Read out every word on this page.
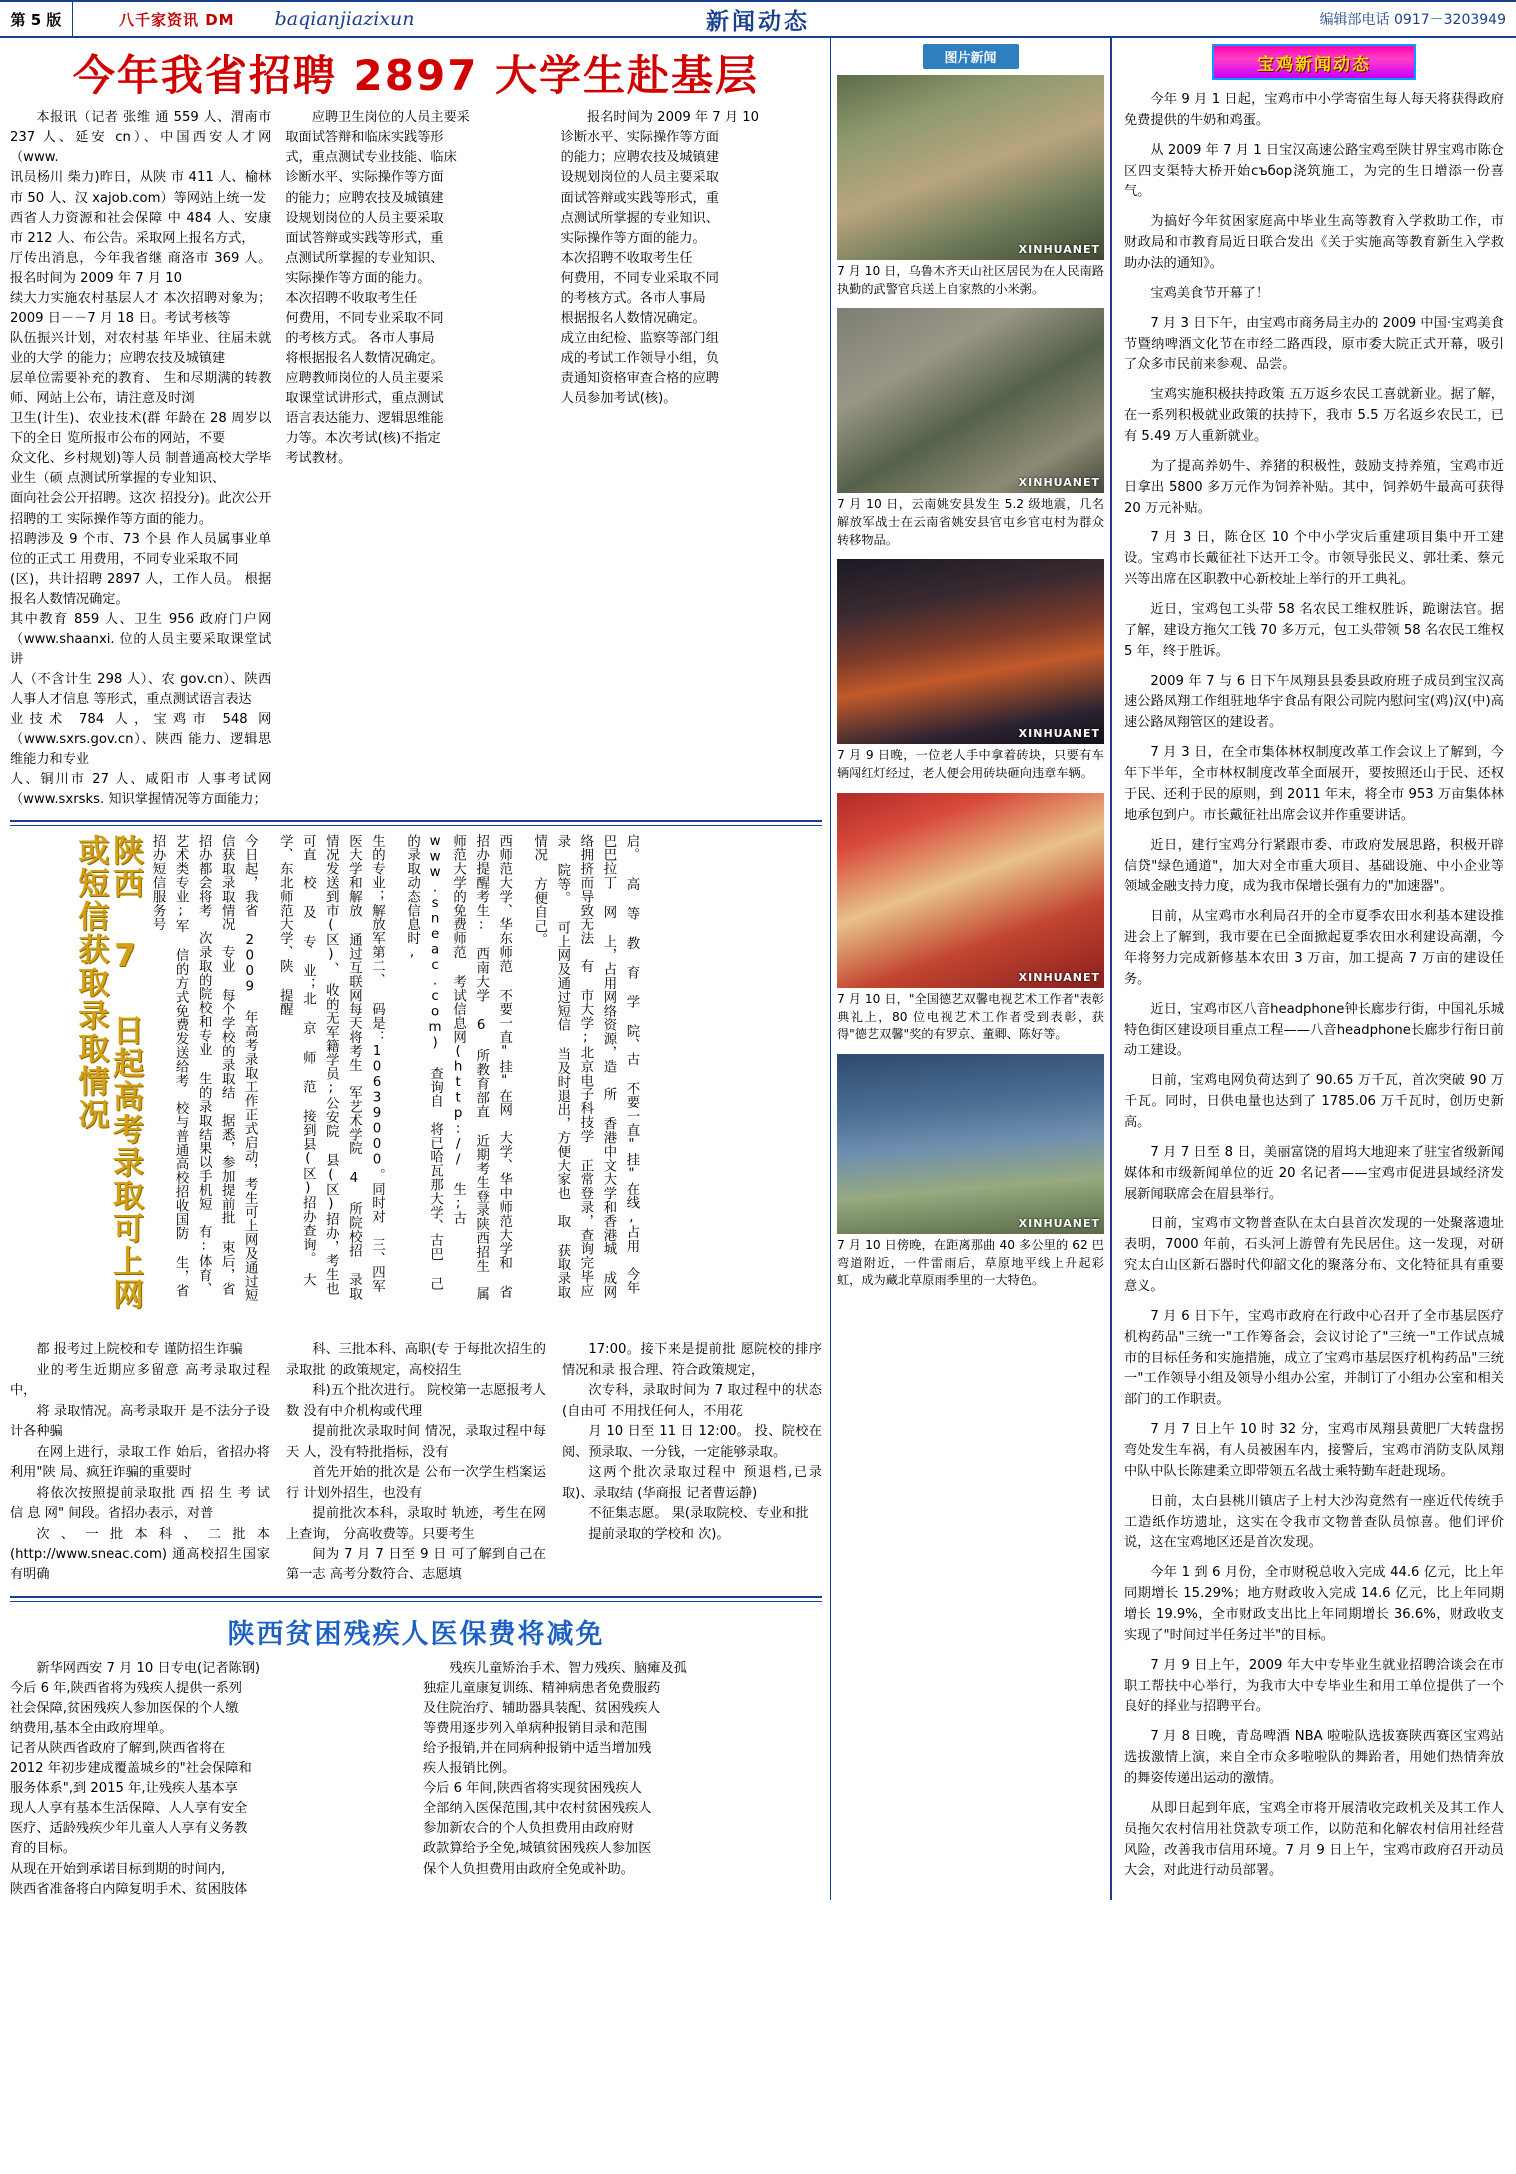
第 5 版	八千家资讯 DM baqianjiazixun	新闻动态	编辑部电话 0917－3203949
今年我省招聘 2897 大学生赴基层

本报讯（记者 张维 通 559 人、渭南市 237 人、延安 cn）、中国西安人才网（www.

讯员杨川 柴力)昨日，从陕 市 411 人、榆林市 50 人、汉 xajob.com）等网站上统一发

西省人力资源和社会保障 中 484 人、安康市 212 人、布公告。采取网上报名方式，

厅传出消息，今年我省继 商洛市 369 人。 报名时间为 2009 年 7 月 10

续大力实施农村基层人才 本次招聘对象为；2009 日－－7 月 18 日。考试考核等

队伍振兴计划，对农村基 年毕业、往届未就业的大学 的能力；应聘农技及城镇建

层单位需要补充的教育、 生和尽期满的转教师、网站上公布，请注意及时浏

卫生(计生)、农业技术(群 年龄在 28 周岁以下的全日 览所报市公布的网站，不要

众文化、乡村规划)等人员 制普通高校大学毕业生（硕 点测试所掌握的专业知识、

面向社会公开招聘。这次 招投分)。此次公开招聘的工 实际操作等方面的能力。

招聘涉及 9 个市、73 个县 作人员属事业单位的正式工 用费用，不同专业采取不同

(区)，共计招聘 2897 人，工作人员。 根据报名人数情况确定。

其中教育 859 人、卫生 956 政府门户网（www.shaanxi. 位的人员主要采取课堂试讲

人（不含计生 298 人）、农 gov.cn）、陕西人事人才信息 等形式，重点测试语言表达

业技术 784 人，宝鸡市 548 网（www.sxrs.gov.cn）、陕西 能力、逻辑思维能力和专业

人、铜川市 27 人、咸阳市 人事考试网（www.sxrsks. 知识掌握情况等方面能力；

应聘卫生岗位的人员主要采

取面试答辩和临床实践等形

式，重点测试专业技能、临床

诊断水平、实际操作等方面

的能力；应聘农技及城镇建

设规划岗位的人员主要采取

面试答辩或实践等形式，重

点测试所掌握的专业知识、

实际操作等方面的能力。

本次招聘不收取考生任

何费用，不同专业采取不同

的考核方式。 各市人事局

将根据报名人数情况确定。

应聘教师岗位的人员主要采

取课堂试讲形式，重点测试

语言表达能力、逻辑思维能

力等。本次考试(核)不指定

考试教材。

报名时间为 2009 年 7 月 10

诊断水平、实际操作等方面

的能力；应聘农技及城镇建

设规划岗位的人员主要采取

面试答辩或实践等形式，重

点测试所掌握的专业知识、

实际操作等方面的能力。

本次招聘不收取考生任

何费用，不同专业采取不同

的考核方式。各市人事局

根据报名人数情况确定。

成立由纪检、监察等部门组

成的考试工作领导小组，负

责通知资格审查合格的应聘

人员参加考试(核)。

陕西 7 日起高考录取可上网或短信获取录取情况	今日起，我省 2009 年高考录取工作正式启动，考生可上网及通过短信获取录取情况　专业 每个学校的录取结　据悉，参加提前批 束后，省招办都会将考　次录取的院校和专业 生的录取结果以手机短　有:体育、艺术类专业;军 信的方式免费发送给考　校与普通高校招收国防 生，省招办短信服务号	生的专业；解放军第二、 码是：10639000。同时对　三、四军医大学和解放 通过互联网每天将考生　军艺术学院 4 所院校招 录取情况发送到市(区)、　收的无军籍学员;公安院 县(区)招办，考生也可直　校 及 专 业；北 京 师 范 接到县(区)招办查询。　大学、东北师范大学、陕 提醒	西师范大学、华东师范 不要一直"挂"在网　大学、华中师范大学和 省招办提醒考生:　西南大学 6 所教育部直 近期考生登录陕西招生　属师范大学的免费师范 考试信息网(http://　生;古 www.sneac.com) 查询自　将已哈瓦那大学、古巴 己的录取动态信息时,	启。 高 等 教 育 学 院、古 不要一直"挂"在线,占用　今年 巴巴拉丁 网 上，占用网络资源，造　所 香港中文大学和香港城 成网络拥挤而导致无法　有 市大学;北京电子科技学 正常登录，查询完毕应　录 院等。 可上网及通过短信 当及时退出，方便大家也　取 获取录取情况 方便自己。

都 报考过上院校和专 谨防招生诈骗

业的考生近期应多留意 高考录取过程中，

将 录取情况。高考录取开 是不法分子设计各种骗

在网上进行，录取工作 始后，省招办将利用"陕 局、疯狂诈骗的重要时

将依次按照提前录取批 西 招 生 考 试 信 息 网" 间段。省招办表示，对普

次、一批本科、二批本 (http://www.sneac.com) 通高校招生国家有明确

科、三批本科、高职(专 于每批次招生的录取批 的政策规定，高校招生

科)五个批次进行。 院校第一志愿报考人数 没有中介机构或代理

提前批次录取时间 情况，录取过程中每天 人，没有特批指标，没有

首先开始的批次是 公布一次学生档案运行 计划外招生，也没有

提前批次本科，录取时 轨迹，考生在网上查询， 分高收费等。只要考生

间为 7 月 7 日至 9 日 可了解到自己在第一志 高考分数符合、志愿填

17:00。接下来是提前批 愿院校的排序情况和录 报合理、符合政策规定，

次专科，录取时间为 7 取过程中的状态(自由可 不用找任何人，不用花

月 10 日至 11 日 12:00。 投、院校在阅、预录取、一分钱，一定能够录取。

这两个批次录取过程中 预退档,已录取)、录取结 (华商报 记者曹运静)

不征集志愿。 果(录取院校、专业和批

提前录取的学校和 次)。

陕西贫困残疾人医保费将减免

新华网西安 7 月 10 日专电(记者陈钢)

今后 6 年,陕西省将为残疾人提供一系列

社会保障,贫困残疾人参加医保的个人缴

纳费用,基本全由政府埋单。

记者从陕西省政府了解到,陕西省将在

2012 年初步建成覆盖城乡的"社会保障和

服务体系",到 2015 年,让残疾人基本享

现人人享有基本生活保障、人人享有安全

医疗、适龄残疾少年儿童人人享有义务教

育的目标。

从现在开始到承诺目标到期的时间内,

陕西省准备将白内障复明手术、贫困肢体

残疾儿童矫治手术、智力残疾、脑瘫及孤

独症儿童康复训练、精神病患者免费服药

及住院治疗、辅助器具装配、贫困残疾人

等费用逐步列入单病种报销目录和范围

给予报销,并在同病种报销中适当增加残

疾人报销比例。

今后 6 年间,陕西省将实现贫困残疾人

全部纳入医保范围,其中农村贫困残疾人

参加新农合的个人负担费用由政府财

政款算给予全免,城镇贫困残疾人参加医

保个人负担费用由政府全免或补助。

图片新闻
XINHUANET
7 月 10 日，乌鲁木齐天山社区居民为在人民南路执勤的武警官兵送上自家熬的小米粥。
XINHUANET
7 月 10 日，云南姚安县发生 5.2 级地震，几名解放军战士在云南省姚安县官屯乡官屯村为群众转移物品。
XINHUANET
7 月 9 日晚，一位老人手中拿着砖块，只要有车辆闯红灯经过，老人便会用砖块砸向违章车辆。
XINHUANET
7 月 10 日，"全国德艺双馨电视艺术工作者"表彰典礼上，80 位电视艺术工作者受到表彰，获得"德艺双馨"奖的有罗京、董卿、陈好等。
XINHUANET
7 月 10 日傍晚，在距离那曲 40 多公里的 62 巴弯道附近，一件雷雨后，草原地平线上升起彩虹，成为藏北草原雨季里的一大特色。
宝鸡新闻动态

今年 9 月 1 日起，宝鸡市中小学寄宿生每人每天将获得政府免费提供的牛奶和鸡蛋。

从 2009 年 7 月 1 日宝汉高速公路宝鸡至陕甘界宝鸡市陈仓区四支渠特大桥开始събор浇筑施工，为完的生日增添一份喜气。

为搞好今年贫困家庭高中毕业生高等教育入学救助工作，市财政局和市教育局近日联合发出《关于实施高等教育新生入学救助办法的通知》。

宝鸡美食节开幕了！

7 月 3 日下午，由宝鸡市商务局主办的 2009 中国·宝鸡美食节暨纳啤酒文化节在市经二路西段，原市委大院正式开幕，吸引了众多市民前来参观、品尝。

宝鸡实施积极扶持政策 五万返乡农民工喜就新业。据了解，在一系列积极就业政策的扶持下，我市 5.5 万名返乡农民工，已有 5.49 万人重新就业。

为了提高养奶牛、养猪的积极性，鼓励支持养殖，宝鸡市近日拿出 5800 多万元作为饲养补贴。其中，饲养奶牛最高可获得 20 万元补贴。

7 月 3 日，陈仓区 10 个中小学灾后重建项目集中开工建设。宝鸡市长戴征社下达开工令。市领导张民义、郭壮柔、蔡元兴等出席在区职教中心新校址上举行的开工典礼。

近日，宝鸡包工头带 58 名农民工维权胜诉，跪谢法官。据了解，建设方拖欠工钱 70 多万元，包工头带领 58 名农民工维权 5 年，终于胜诉。

2009 年 7 与 6 日下午凤翔县县委县政府班子成员到宝汉高速公路凤翔工作组驻地华宇食品有限公司院内慰问宝(鸡)汉(中)高速公路凤翔管区的建设者。

7 月 3 日，在全市集体林权制度改革工作会议上了解到，今年下半年，全市林权制度改革全面展开，要按照还山于民、还权于民、还利于民的原则，到 2011 年末，将全市 953 万亩集体林地承包到户。市长戴征社出席会议并作重要讲话。

近日，建行宝鸡分行紧跟市委、市政府发展思路，积极开辟信贷"绿色通道"，加大对全市重大项目、基础设施、中小企业等领域金融支持力度，成为我市保增长强有力的"加速器"。

日前，从宝鸡市水利局召开的全市夏季农田水利基本建设推进会上了解到，我市要在已全面掀起夏季农田水利建设高潮，今年将努力完成新修基本农田 3 万亩，加工提高 7 万亩的建设任务。

近日，宝鸡市区八音headphone钟长廊步行街，中国礼乐城特色街区建设项目重点工程——八音headphone长廊步行衔日前动工建设。

日前，宝鸡电网负荷达到了 90.65 万千瓦，首次突破 90 万千瓦。同时，日供电量也达到了 1785.06 万千瓦时，创历史新高。

7 月 7 日至 8 日，美丽富饶的眉坞大地迎来了驻宝省级新闻媒体和市级新闻单位的近 20 名记者——宝鸡市促进县域经济发展新闻联席会在眉县举行。

日前，宝鸡市文物普查队在太白县首次发现的一处聚落遗址表明，7000 年前，石头河上游曾有先民居住。这一发现，对研究太白山区新石器时代仰韶文化的聚落分布、文化特征具有重要意义。

7 月 6 日下午，宝鸡市政府在行政中心召开了全市基层医疗机构药品"三统一"工作筹备会，会议讨论了"三统一"工作试点城市的目标任务和实施措施，成立了宝鸡市基层医疗机构药品"三统一"工作领导小组及领导小组办公室，并制订了小组办公室和相关部门的工作职责。

7 月 7 日上午 10 时 32 分，宝鸡市凤翔县黄肥厂大转盘拐弯处发生车祸，有人员被困车内，接警后，宝鸡市消防支队凤翔中队中队长陈建柔立即带领五名战士乘特勤车赶赴现场。

日前，太白县桃川镇店子上村大沙沟竟然有一座近代传统手工造纸作坊遗址，这实在令我市文物普查队员惊喜。他们评价说，这在宝鸡地区还是首次发现。

今年 1 到 6 月份，全市财税总收入完成 44.6 亿元，比上年同期增长 15.29%；地方财政收入完成 14.6 亿元，比上年同期增长 19.9%，全市财政支出比上年同期增长 36.6%，财政收支实现了"时间过半任务过半"的目标。

7 月 9 日上午，2009 年大中专毕业生就业招聘洽谈会在市职工帮扶中心举行，为我市大中专毕业生和用工单位提供了一个良好的择业与招聘平台。

7 月 8 日晚，青岛啤酒 NBA 啦啦队选拔赛陕西赛区宝鸡站选拔激情上演，来自全市众多啦啦队的舞跆者，用她们热情奔放的舞姿传递出运动的激情。

从即日起到年底，宝鸡全市将开展清收完政机关及其工作人员拖欠农村信用社贷款专项工作，以防范和化解农村信用社经营风险，改善我市信用环境。7 月 9 日上午，宝鸡市政府召开动员大会，对此进行动员部署。
